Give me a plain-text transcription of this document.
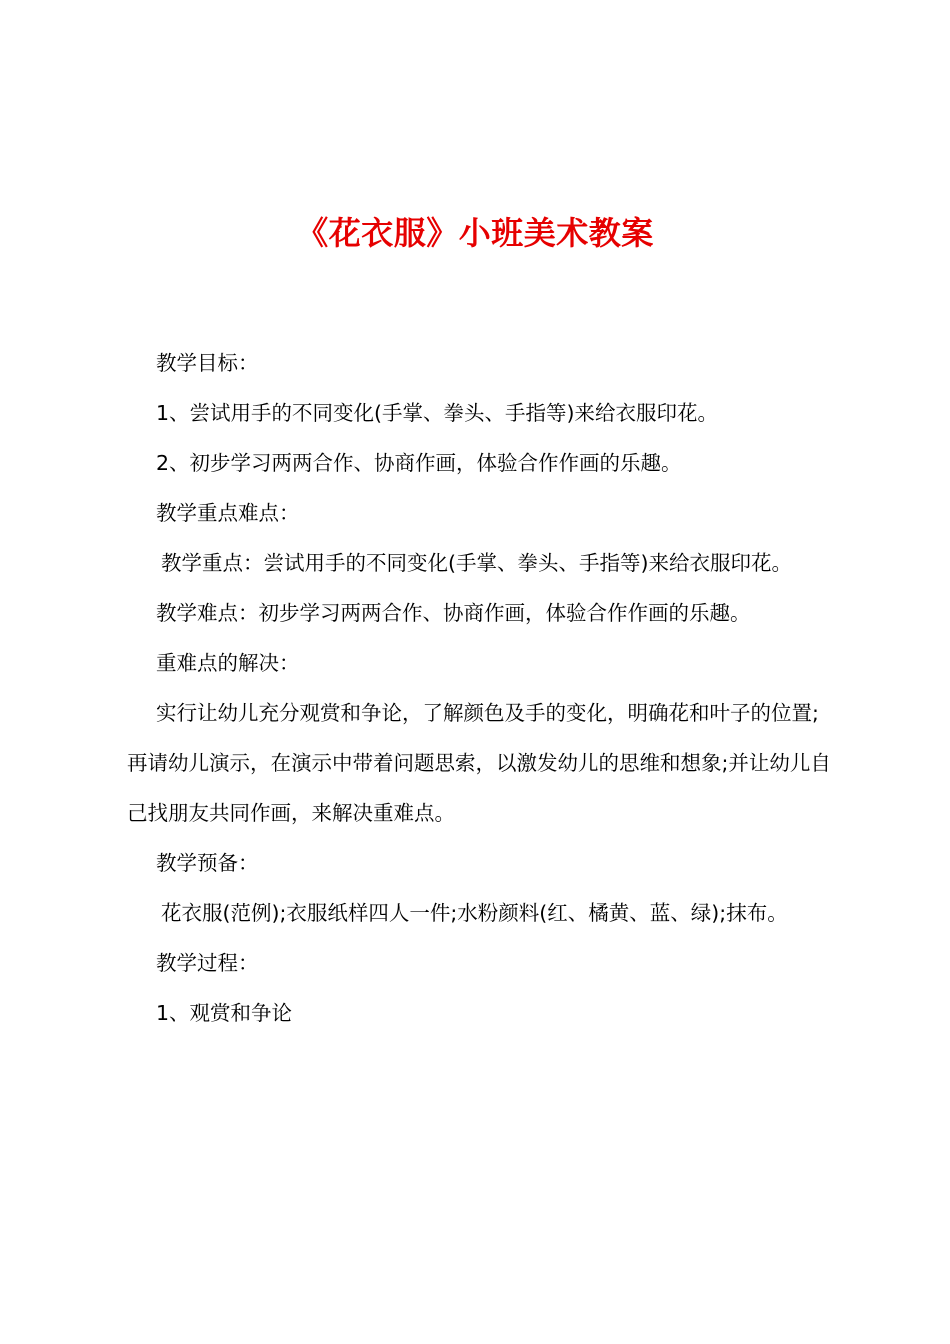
《花衣服》小班美术教案

教学目标：

1、尝试用手的不同变化(手掌、拳头、手指等)来给衣服印花。

2、初步学习两两合作、协商作画，体验合作作画的乐趣。

教学重点难点：

教学重点：尝试用手的不同变化(手掌、拳头、手指等)来给衣服印花。

教学难点：初步学习两两合作、协商作画，体验合作作画的乐趣。

重难点的解决：

实行让幼儿充分观赏和争论，了解颜色及手的变化，明确花和叶子的位置;再请幼儿演示，在演示中带着问题思索，以激发幼儿的思维和想象;并让幼儿自己找朋友共同作画，来解决重难点。

教学预备：

花衣服(范例);衣服纸样四人一件;水粉颜料(红、橘黄、蓝、绿);抹布。

教学过程：

1、观赏和争论
